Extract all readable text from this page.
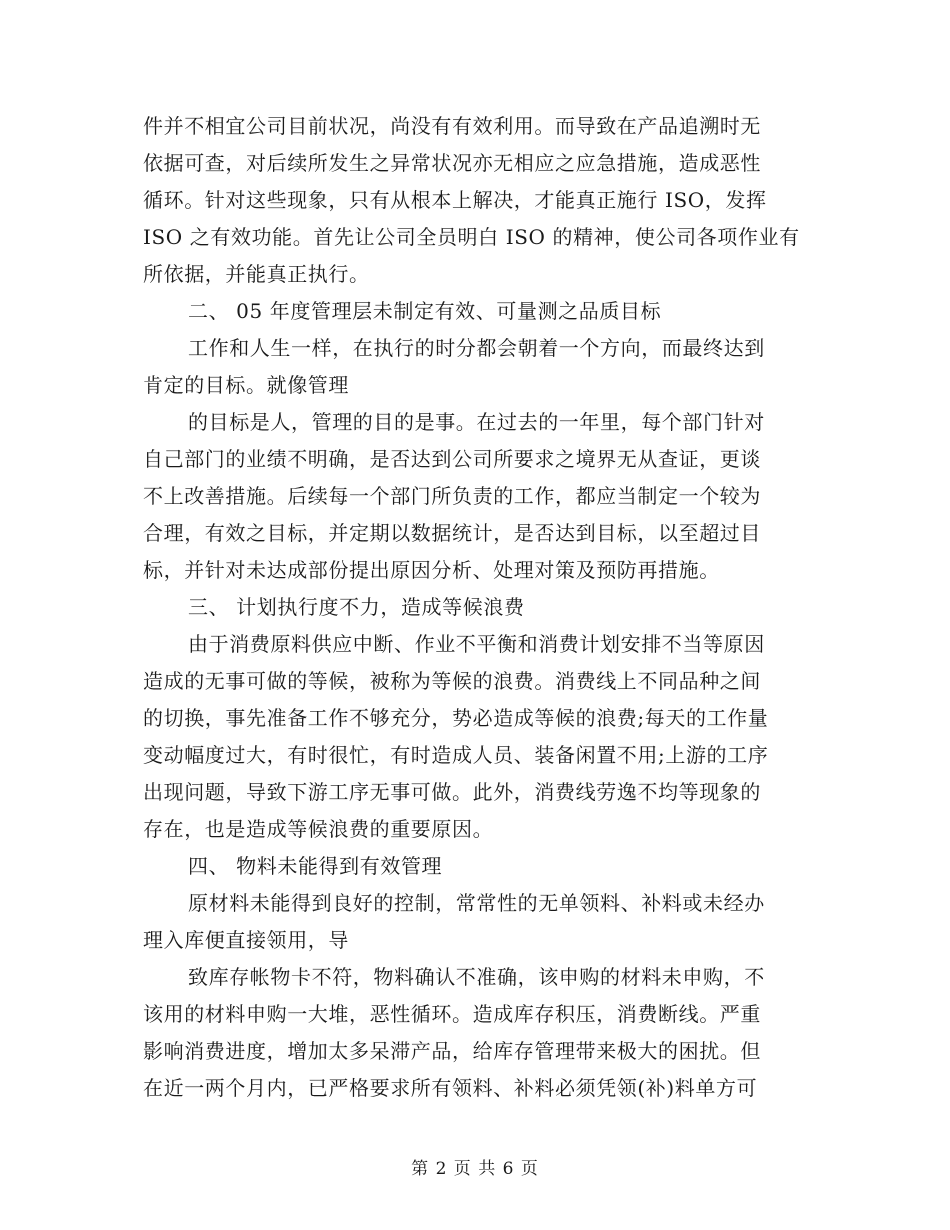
件并不相宜公司目前状况，尚没有有效利用。而导致在产品追溯时无
依据可查，对后续所发生之异常状况亦无相应之应急措施，造成恶性
循环。针对这些现象，只有从根本上解决，才能真正施行 ISO，发挥
ISO 之有效功能。首先让公司全员明白 ISO 的精神，使公司各项作业有
所依据，并能真正执行。
二、 05 年度管理层未制定有效、可量测之品质目标
工作和人生一样，在执行的时分都会朝着一个方向，而最终达到
肯定的目标。就像管理
的目标是人，管理的目的是事。在过去的一年里，每个部门针对
自己部门的业绩不明确，是否达到公司所要求之境界无从查证，更谈
不上改善措施。后续每一个部门所负责的工作，都应当制定一个较为
合理，有效之目标，并定期以数据统计，是否达到目标，以至超过目
标，并针对未达成部份提出原因分析、处理对策及预防再措施。
三、 计划执行度不力，造成等候浪费
由于消费原料供应中断、作业不平衡和消费计划安排不当等原因
造成的无事可做的等候，被称为等候的浪费。消费线上不同品种之间
的切换，事先准备工作不够充分，势必造成等候的浪费;每天的工作量
变动幅度过大，有时很忙，有时造成人员、装备闲置不用;上游的工序
出现问题，导致下游工序无事可做。此外，消费线劳逸不均等现象的
存在，也是造成等候浪费的重要原因。
四、 物料未能得到有效管理
原材料未能得到良好的控制，常常性的无单领料、补料或未经办
理入库便直接领用，导
致库存帐物卡不符，物料确认不准确，该申购的材料未申购，不
该用的材料申购一大堆，恶性循环。造成库存积压，消费断线。严重
影响消费进度，增加太多呆滞产品，给库存管理带来极大的困扰。但
在近一两个月内，已严格要求所有领料、补料必须凭领(补)料单方可
第 2 页 共 6 页
